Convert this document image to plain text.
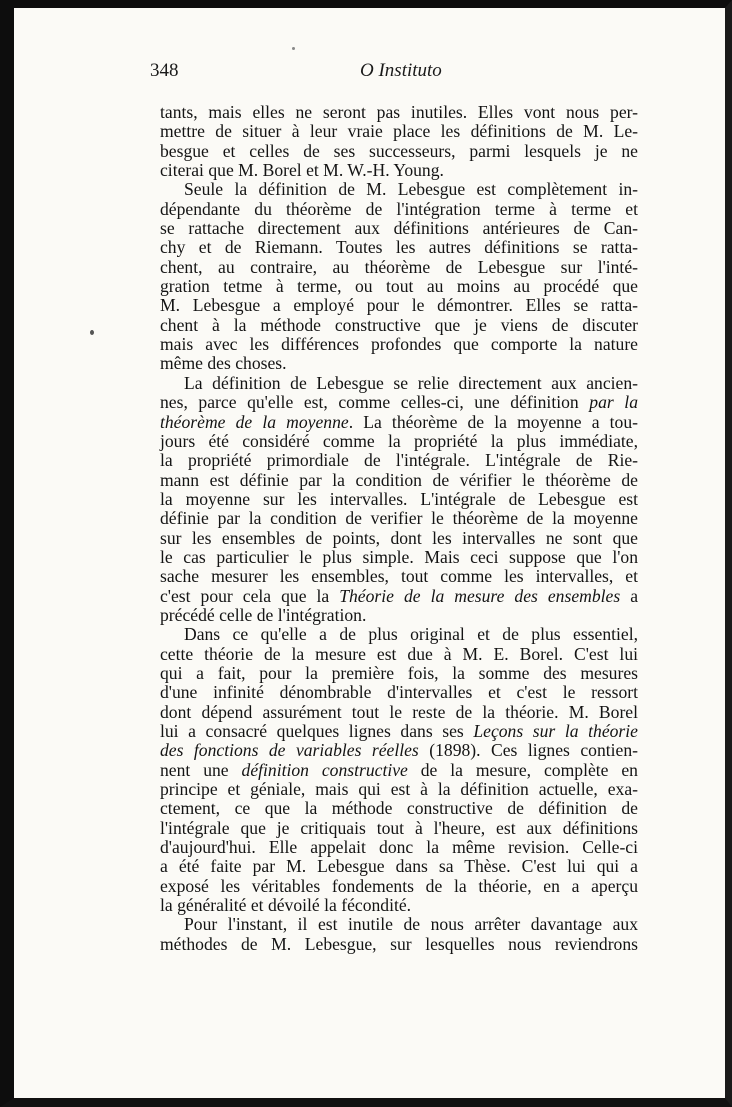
348	O Instituto
tants, mais elles ne seront pas inutiles. Elles vont nous per-
mettre de situer à leur vraie place les définitions de M. Le-
besgue et celles de ses successeurs, parmi lesquels je ne
citerai que M. Borel et M. W.-H. Young.
Seule la définition de M. Lebesgue est complètement in-
dépendante du théorème de l'intégration terme à terme et
se rattache directement aux définitions antérieures de Can-
chy et de Riemann. Toutes les autres définitions se ratta-
chent, au contraire, au théorème de Lebesgue sur l'inté-
gration tetme à terme, ou tout au moins au procédé que
M. Lebesgue a employé pour le démontrer. Elles se ratta-
chent à la méthode constructive que je viens de discuter
mais avec les différences profondes que comporte la nature
même des choses.
La définition de Lebesgue se relie directement aux ancien-
nes, parce qu'elle est, comme celles-ci, une définition par la
théorème de la moyenne. La théorème de la moyenne a tou-
jours été considéré comme la propriété la plus immédiate,
la propriété primordiale de l'intégrale. L'intégrale de Rie-
mann est définie par la condition de vérifier le théorème de
la moyenne sur les intervalles. L'intégrale de Lebesgue est
définie par la condition de verifier le théorème de la moyenne
sur les ensembles de points, dont les intervalles ne sont que
le cas particulier le plus simple. Mais ceci suppose que l'on
sache mesurer les ensembles, tout comme les intervalles, et
c'est pour cela que la Théorie de la mesure des ensembles a
précédé celle de l'intégration.
Dans ce qu'elle a de plus original et de plus essentiel,
cette théorie de la mesure est due à M. E. Borel. C'est lui
qui a fait, pour la première fois, la somme des mesures
d'une infinité dénombrable d'intervalles et c'est le ressort
dont dépend assurément tout le reste de la théorie. M. Borel
lui a consacré quelques lignes dans ses Leçons sur la théorie
des fonctions de variables réelles (1898). Ces lignes contien-
nent une définition constructive de la mesure, complète en
principe et géniale, mais qui est à la définition actuelle, exa-
ctement, ce que la méthode constructive de définition de
l'intégrale que je critiquais tout à l'heure, est aux définitions
d'aujourd'hui. Elle appelait donc la même revision. Celle-ci
a été faite par M. Lebesgue dans sa Thèse. C'est lui qui a
exposé les véritables fondements de la théorie, en a aperçu
la généralité et dévoilé la fécondité.
Pour l'instant, il est inutile de nous arrêter davantage aux
méthodes de M. Lebesgue, sur lesquelles nous reviendrons
